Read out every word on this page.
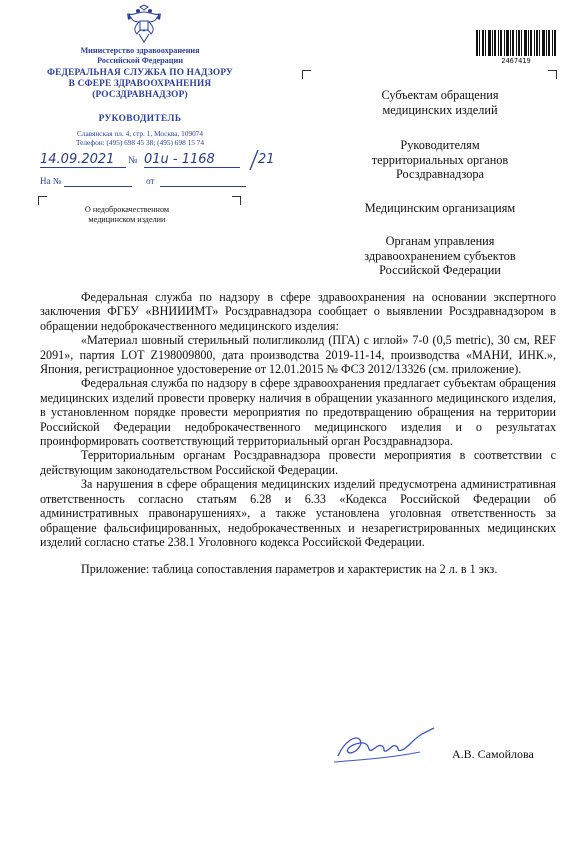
Министерство здравоохранения
Российской Федерации
ФЕДЕРАЛЬНАЯ СЛУЖБА ПО НАДЗОРУ
В СФЕРЕ ЗДРАВООХРАНЕНИЯ
(РОСЗДРАВНАДЗОР)
РУКОВОДИТЕЛЬ
Славянская пл. 4, стр. 1, Москва, 109074
Телефон: (495) 698 45 38; (495) 698 15 74
14.09.2021 № 01u - 1168	21
На №	от
О недоброкачественном
медицинском изделии
2467419
Субъектам обращения
медицинских изделий
Руководителям
территориальных органов
Росздравнадзора
Медицинским организациям
Органам управления
здравоохранением субъектов
Российской Федерации

Федеральная служба по надзору в сфере здравоохранения на основании экспертного заключения ФГБУ «ВНИИИМТ» Росздравнадзора сообщает о выявлении Росздравнадзором в обращении недоброкачественного медицинского изделия:

«Материал шовный стерильный полигликолид (ПГА) с иглой» 7-0 (0,5 metric), 30 см, REF 2091», партия LOT Z198009800, дата производства 2019-11-14, производства «МАНИ, ИНК.», Япония, регистрационное удостоверение от 12.01.2015 № ФСЗ 2012/13326 (см. приложение).

Федеральная служба по надзору в сфере здравоохранения предлагает субъектам обращения медицинских изделий провести проверку наличия в обращении указанного медицинского изделия, в установленном порядке провести мероприятия по предотвращению обращения на территории Российской Федерации недоброкачественного медицинского изделия и о результатах проинформировать соответствующий территориальный орган Росздравнадзора.

Территориальным органам Росздравнадзора провести мероприятия в соответствии с действующим законодательством Российской Федерации.

За нарушения в сфере обращения медицинских изделий предусмотрена административная ответственность согласно статьям 6.28 и 6.33 «Кодекса Российской Федерации об административных правонарушениях», а также установлена уголовная ответственность за обращение фальсифицированных, недоброкачественных и незарегистрированных медицинских изделий согласно статье 238.1 Уголовного кодекса Российской Федерации.

Приложение: таблица сопоставления параметров и характеристик на 2 л. в 1 экз.

А.В. Самойлова
